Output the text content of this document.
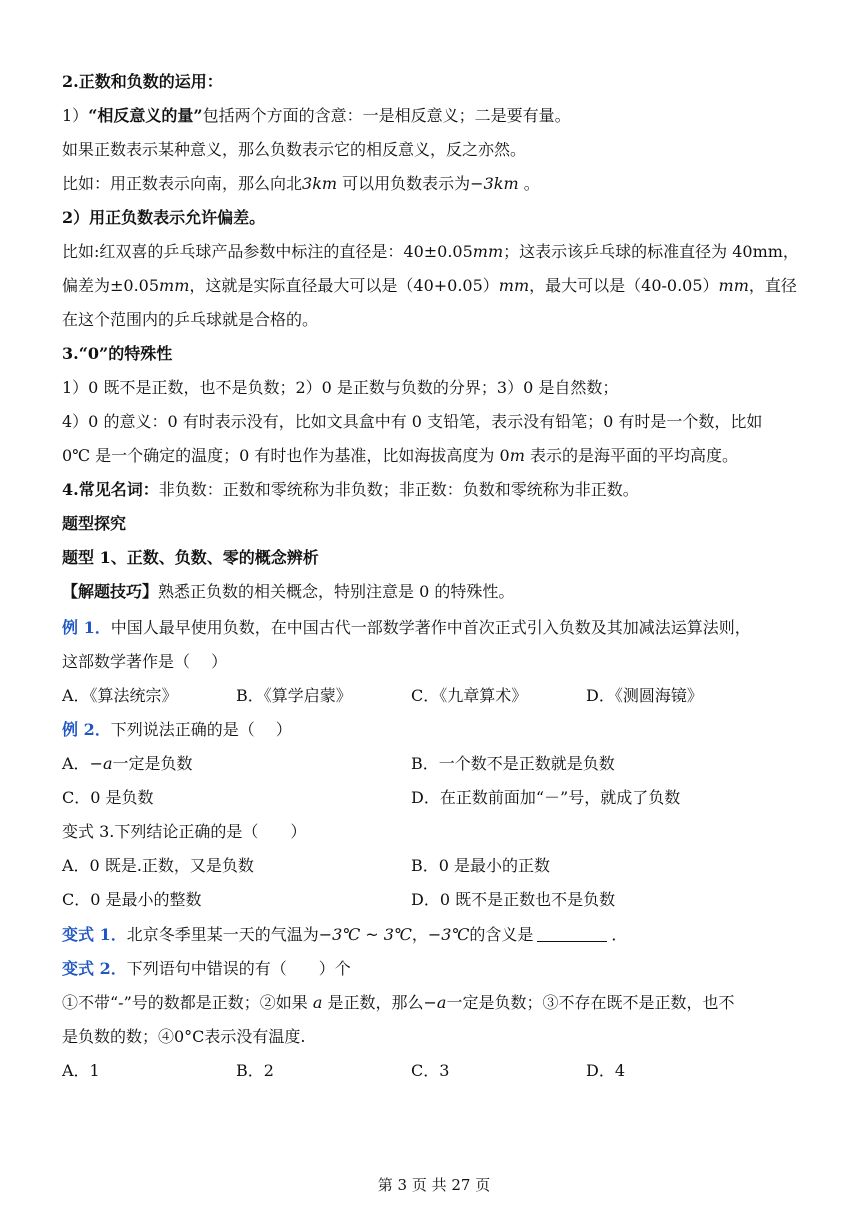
2.正数和负数的运用：
1）“相反意义的量”包括两个方面的含意：一是相反意义；二是要有量。
如果正数表示某种意义，那么负数表示它的相反意义，反之亦然。
比如：用正数表示向南，那么向北3km 可以用负数表示为−3km 。
2）用正负数表示允许偏差。
比如:红双喜的乒乓球产品参数中标注的直径是：40±0.05mm；这表示该乒乓球的标准直径为 40mm，
偏差为±0.05mm，这就是实际直径最大可以是（40+0.05）mm，最大可以是（40-0.05）mm，直径
在这个范围内的乒乓球就是合格的。
3.“0”的特殊性
1）0 既不是正数，也不是负数；2）0 是正数与负数的分界；3）0 是自然数；
4）0 的意义：0 有时表示没有，比如文具盒中有 0 支铅笔，表示没有铅笔；0 有时是一个数，比如
0℃ 是一个确定的温度；0 有时也作为基准，比如海拔高度为 0m 表示的是海平面的平均高度。
4.常见名词：非负数：正数和零统称为非负数；非正数：负数和零统称为非正数。
题型探究
题型 1、正数、负数、零的概念辨析
【解题技巧】熟悉正负数的相关概念，特别注意是 0 的特殊性。
例 1．中国人最早使用负数，在中国古代一部数学著作中首次正式引入负数及其加减法运算法则，
这部数学著作是（　 ）
A．《算法统宗》	B．《算学启蒙》	C．《九章算术》	D．《测圆海镜》
例 2．下列说法正确的是（　 ）
A．−a一定是负数	B．一个数不是正数就是负数
C．0 是负数	D．在正数前面加“－”号，就成了负数
变式 3.下列结论正确的是（　　）
A．0 既是.正数，又是负数	B．0 是最小的正数
C．0 是最小的整数	D．0 既不是正数也不是负数
变式 1．北京冬季里某一天的气温为−3℃ ~ 3℃，−3℃的含义是	．
变式 2．下列语句中错误的有（　　）个
①不带“-”号的数都是正数；②如果 a 是正数，那么−a一定是负数；③不存在既不是正数，也不
是负数的数；④0°C表示没有温度.
A．1	B．2	C．3	D．4
第 3 页 共 27 页
